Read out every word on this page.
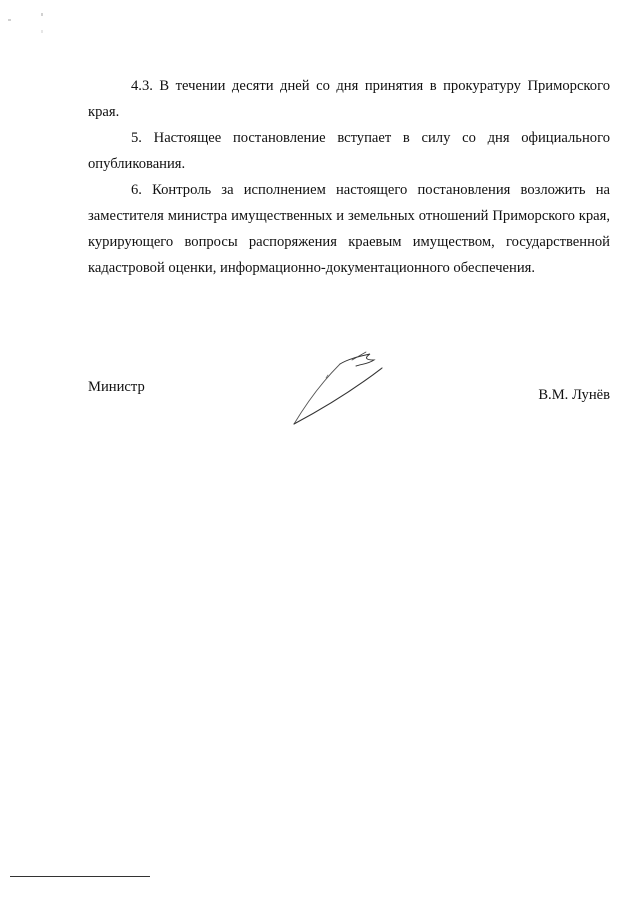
4.3. В течении десяти дней со дня принятия в прокуратуру Приморского края.

5. Настоящее постановление вступает в силу со дня официального опубликования.

6. Контроль за исполнением настоящего постановления возложить на заместителя министра имущественных и земельных отношений Приморского края, курирующего вопросы распоряжения краевым имуществом, государственной кадастровой оценки, информационно-документационного обеспечения.

Министр	В.М. Лунёв
